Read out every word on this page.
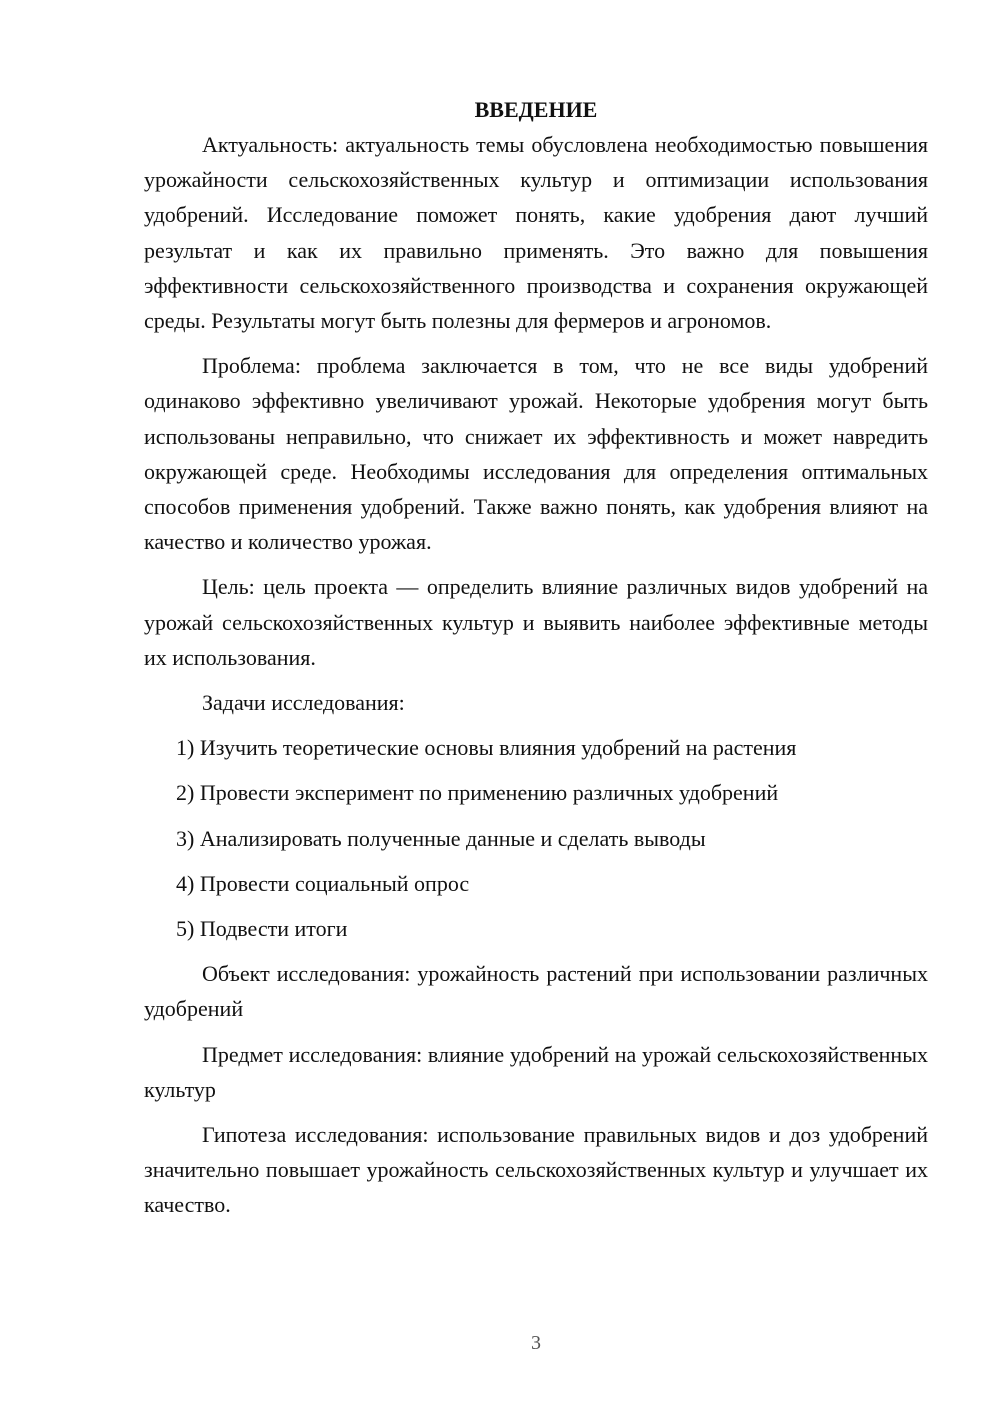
ВВЕДЕНИЕ

Актуальность: актуальность темы обусловлена необходимостью повышения урожайности сельскохозяйственных культур и оптимизации использования удобрений. Исследование поможет понять, какие удобрения дают лучший результат и как их правильно применять. Это важно для повышения эффективности сельскохозяйственного производства и сохранения окружающей среды. Результаты могут быть полезны для фермеров и агрономов.

Проблема: проблема заключается в том, что не все виды удобрений одинаково эффективно увеличивают урожай. Некоторые удобрения могут быть использованы неправильно, что снижает их эффективность и может навредить окружающей среде. Необходимы исследования для определения оптимальных способов применения удобрений. Также важно понять, как удобрения влияют на качество и количество урожая.

Цель: цель проекта — определить влияние различных видов удобрений на урожай сельскохозяйственных культур и выявить наиболее эффективные методы их использования.

Задачи исследования:

1) Изучить теоретические основы влияния удобрений на растения

2) Провести эксперимент по применению различных удобрений

3) Анализировать полученные данные и сделать выводы

4) Провести социальный опрос

5) Подвести итоги

Объект исследования: урожайность растений при использовании различных удобрений

Предмет исследования: влияние удобрений на урожай сельскохозяйственных культур

Гипотеза исследования: использование правильных видов и доз удобрений значительно повышает урожайность сельскохозяйственных культур и улучшает их качество.

3
